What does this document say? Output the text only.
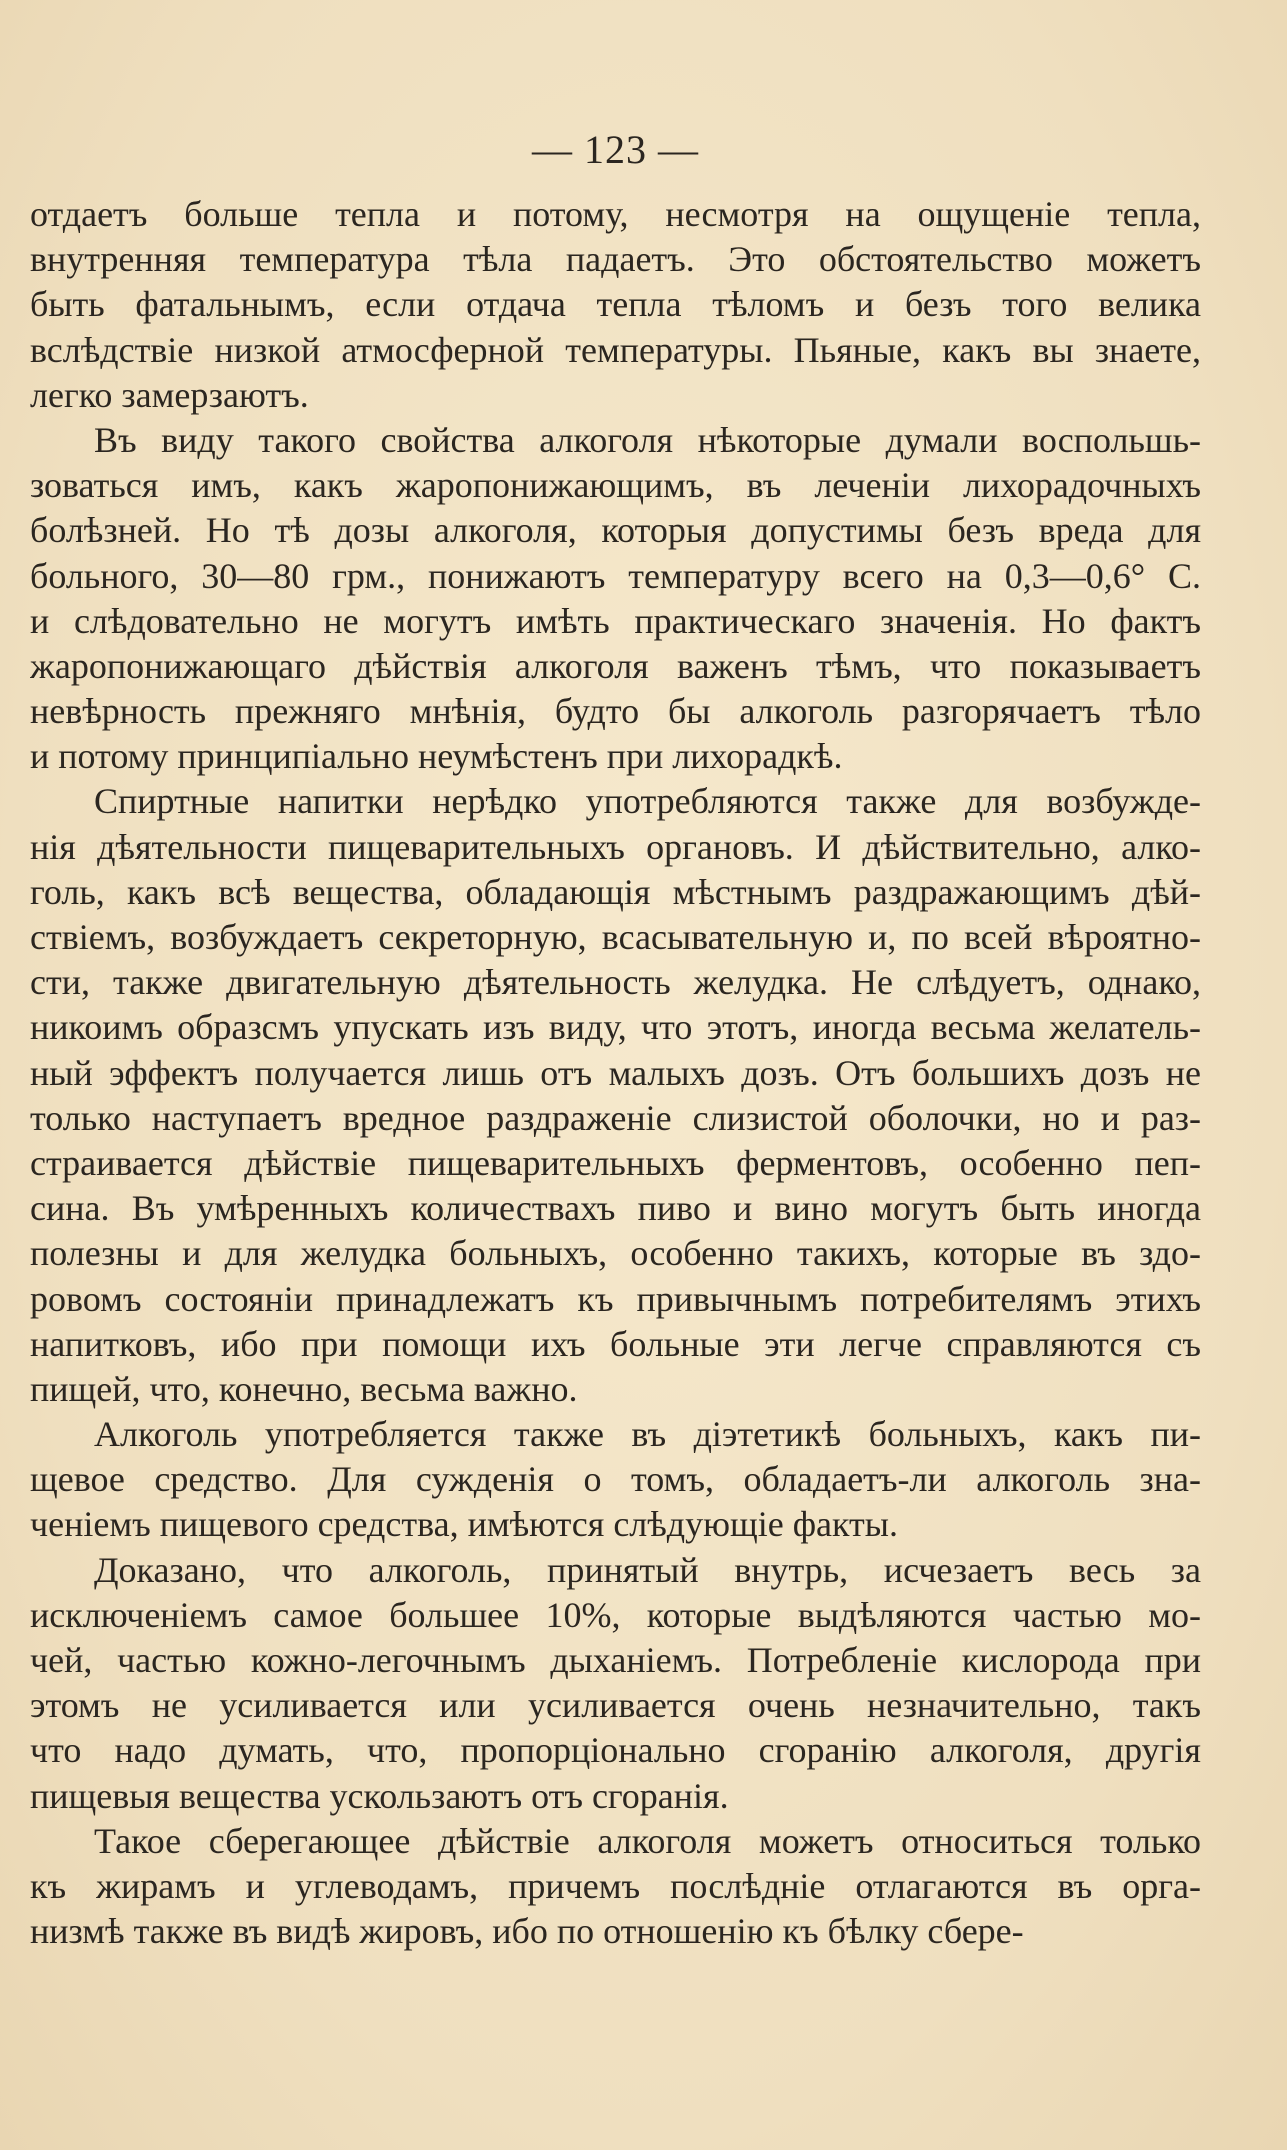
— 123 —
отдаетъ больше тепла и потому, несмотря на ощущеніе тепла,
внутренняя температура тѣла падаетъ. Это обстоятельство можетъ
быть фатальнымъ, если отдача тепла тѣломъ и безъ того велика
вслѣдствіе низкой атмосферной температуры. Пьяные, какъ вы знаете,
легко замерзаютъ.
Въ виду такого свойства алкоголя нѣкоторые думали воспольшь-
зоваться имъ, какъ жаропонижающимъ, въ леченіи лихорадочныхъ
болѣзней. Но тѣ дозы алкоголя, которыя допустимы безъ вреда для
больного, 30—80 грм., понижаютъ температуру всего на 0,3—0,6° С.
и слѣдовательно не могутъ имѣть практическаго значенія. Но фактъ
жаропонижающаго дѣйствія алкоголя важенъ тѣмъ, что показываетъ
невѣрность прежняго мнѣнія, будто бы алкоголь разгорячаетъ тѣло
и потому принципіально неумѣстенъ при лихорадкѣ.
Спиртные напитки нерѣдко употребляются также для возбужде-
нія дѣятельности пищеварительныхъ органовъ. И дѣйствительно, алко-
голь, какъ всѣ вещества, обладающія мѣстнымъ раздражающимъ дѣй-
ствіемъ, возбуждаетъ секреторную, всасывательную и, по всей вѣроятно-
сти, также двигательную дѣятельность желудка. Не слѣдуетъ, однако,
никоимъ образсмъ упускать изъ виду, что этотъ, иногда весьма желатель-
ный эффектъ получается лишь отъ малыхъ дозъ. Отъ большихъ дозъ не
только наступаетъ вредное раздраженіе слизистой оболочки, но и раз-
страивается дѣйствіе пищеварительныхъ ферментовъ, особенно пеп-
сина. Въ умѣренныхъ количествахъ пиво и вино могутъ быть иногда
полезны и для желудка больныхъ, особенно такихъ, которые въ здо-
ровомъ состояніи принадлежатъ къ привычнымъ потребителямъ этихъ
напитковъ, ибо при помощи ихъ больные эти легче справляются съ
пищей, что, конечно, весьма важно.
Алкоголь употребляется также въ діэтетикѣ больныхъ, какъ пи-
щевое средство. Для сужденія о томъ, обладаетъ-ли алкоголь зна-
ченіемъ пищевого средства, имѣются слѣдующіе факты.
Доказано, что алкоголь, принятый внутрь, исчезаетъ весь за
исключеніемъ самое большее 10%, которые выдѣляются частью мо-
чей, частью кожно-легочнымъ дыханіемъ. Потребленіе кислорода при
этомъ не усиливается или усиливается очень незначительно, такъ
что надо думать, что, пропорціонально сгоранію алкоголя, другія
пищевыя вещества ускользаютъ отъ сгоранія.
Такое сберегающее дѣйствіе алкоголя можетъ относиться только
къ жирамъ и углеводамъ, причемъ послѣдніе отлагаются въ орга-
низмѣ также въ видѣ жировъ, ибо по отношенію къ бѣлку сбере-
